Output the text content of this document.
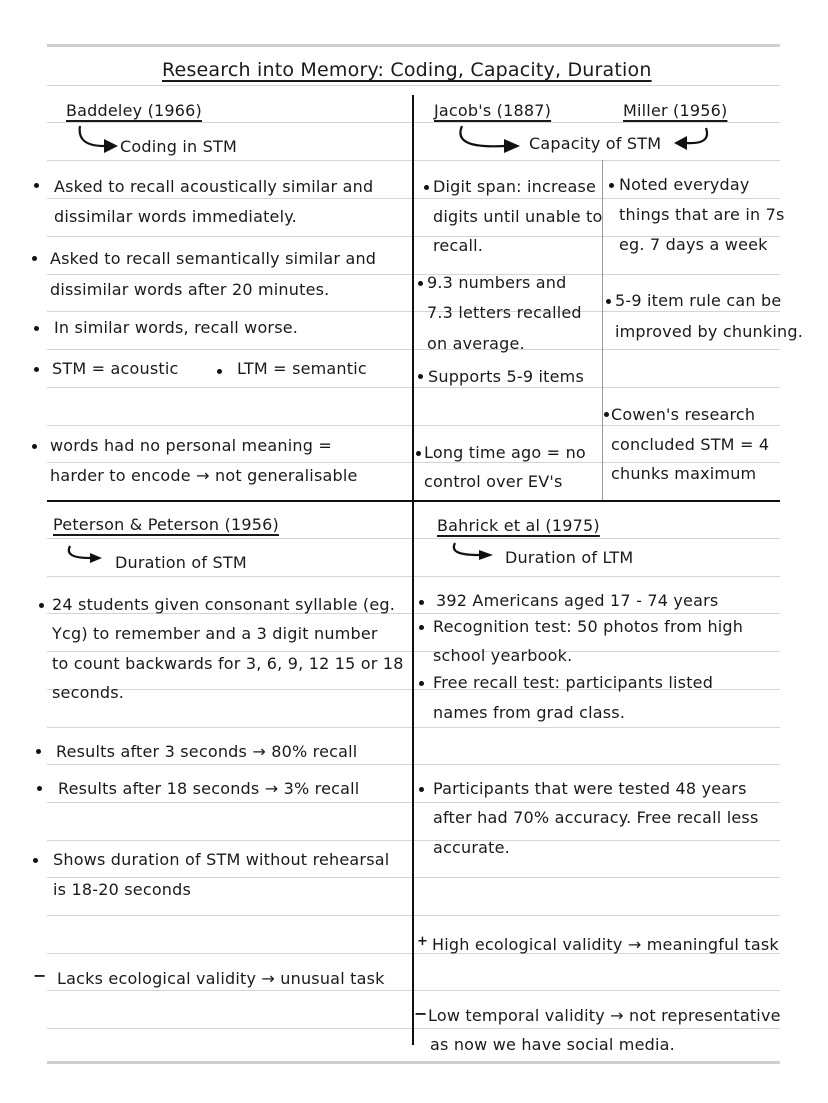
Research into Memory: Coding, Capacity, Duration
Baddeley (1966)
Coding in STM
Asked to recall acoustically similar and
dissimilar words immediately.
Asked to recall semantically similar and
dissimilar words after 20 minutes.
In similar words, recall worse.
STM = acoustic	LTM = semantic
words had no personal meaning =
harder to encode → not generalisable
Jacob's (1887)	Miller (1956)
Capacity of STM
Digit span: increase
digits until unable to
recall.
9.3 numbers and
7.3 letters recalled
on average.
Supports 5-9 items
Long time ago = no
control over EV's
Noted everyday
things that are in 7s
eg. 7 days a week
5-9 item rule can be
improved by chunking.
Cowen's research
concluded STM = 4
chunks maximum
Peterson & Peterson (1956)
Duration of STM
24 students given consonant syllable (eg.
Ycg) to remember and a 3 digit number
to count backwards for 3, 6, 9, 12 15 or 18
seconds.
Results after 3 seconds → 80% recall
Results after 18 seconds → 3% recall
Shows duration of STM without rehearsal
is 18-20 seconds
− Lacks ecological validity → unusual task
Bahrick et al (1975)
Duration of LTM
392 Americans aged 17 - 74 years
Recognition test: 50 photos from high
school yearbook.
Free recall test: participants listed
names from grad class.
Participants that were tested 48 years
after had 70% accuracy. Free recall less
accurate.
+ High ecological validity → meaningful task
− Low temporal validity → not representative
as now we have social media.
